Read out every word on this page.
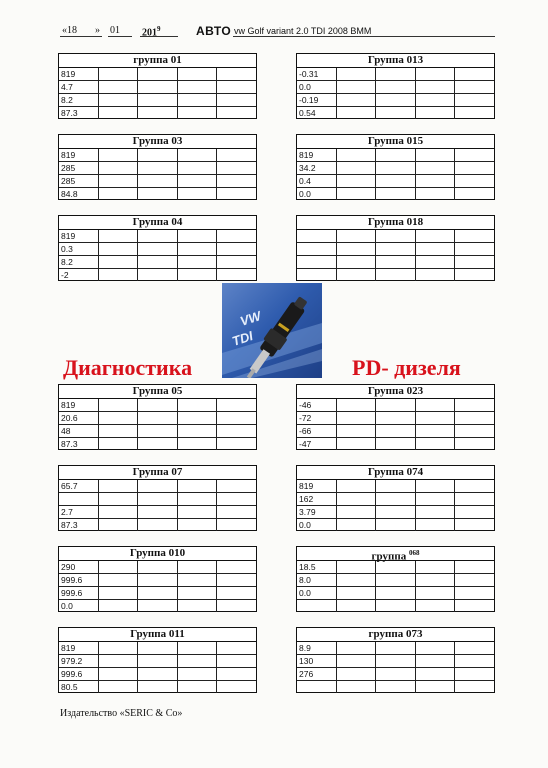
«18 » 01 $201^9$	АВТО vw Golf variant 2.0 TDI 2008 BMM
группа 01
819				
4.7				
8.2				
87.3				
Группа 03
819				
285				
285				
84.8				
Группа 04
819				
0.3				
8.2				
-2				
Группа 05
819				
20.6				
48				
87.3				
Группа 07
65.7				

2.7				
87.3				
Группа 010
290				
999.6				
999.6				
0.0				
Группа 011
819				
979.2				
999.6				
80.5				
Группа 013
-0.31				
0.0				
-0.19				
0.54				
Группа 015
819				
34.2				
0.4				
0.0				
Группа 018

Группа 023
-46				
-72				
-66				
-47				
Группа 074
819				
162				
3.79				
0.0				
группа $^{068}$
18.5				
8.0				
0.0				

группа 073
8.9				
130				
276				

VW
TDI
Диагностика	PD- дизеля
Издательство «SERIC & Co»
